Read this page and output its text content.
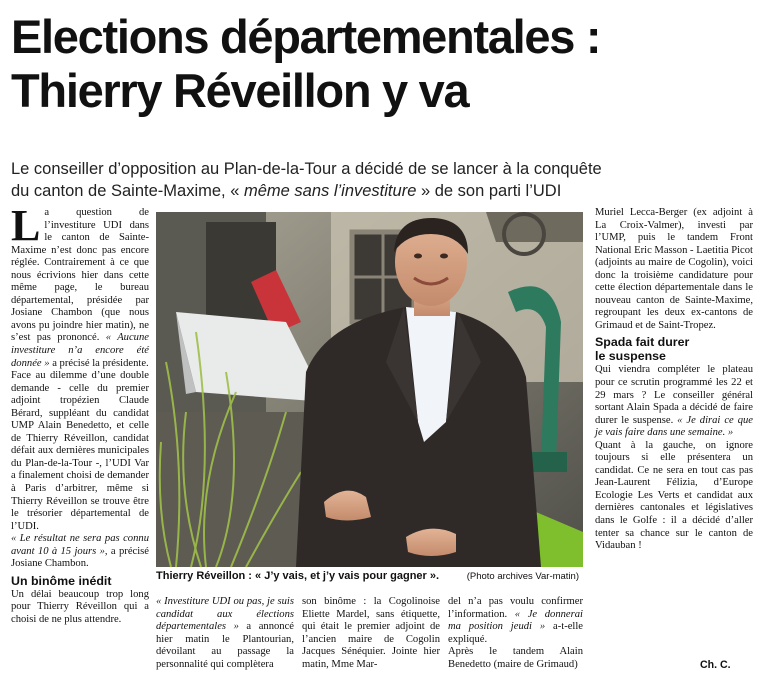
Elections départementales :
Thierry Réveillon y va
Le conseiller d’opposition au Plan-de-la-Tour a décidé de se lancer à la conquête
du canton de Sainte-Maxime, « même sans l’investiture » de son parti l’UDI

La question de l’investiture UDI dans le canton de Sainte-Maxime n’est donc pas encore réglée. Contrairement à ce que nous écrivions hier dans cette même page, le bureau départemental, présidée par Josiane Chambon (que nous avons pu joindre hier matin), ne s’est pas prononcé. « Aucune investiture n’a encore été donnée » a précisé la présidente.

Face au dilemme d’une double demande - celle du premier adjoint tropézien Claude Bérard, suppléant du candidat UMP Alain Benedetto, et celle de Thierry Réveillon, candidat défait aux dernières municipales du Plan-de-la-Tour -, l’UDI Var a finalement choisi de demander à Paris d’arbitrer, même si Thierry Réveillon se trouve être le trésorier départemental de l’UDI.

« Le résultat ne sera pas connu avant 10 à 15 jours », a précisé Josiane Chambon.

Un binôme inédit

Un délai beaucoup trop long pour Thierry Réveillon qui a choisi de ne plus attendre.

Thierry Réveillon : « J’y vais, et j’y vais pour gagner ».	(Photo archives Var-matin)

« Investiture UDI ou pas, je suis candidat aux élections départementales » a annoncé hier matin le Plantourian, dévoilant au passage la personnalité qui complètera

son binôme : la Cogolinoise Eliette Mardel, sans étiquette, qui était le premier adjoint de l’ancien maire de Cogolin Jacques Sénéquier. Jointe hier matin, Mme Mar-

del n’a pas voulu confirmer l’information. « Je donnerai ma position jeudi » a-t-elle expliqué.

Après le tandem Alain Benedetto (maire de Grimaud)

Muriel Lecca-Berger (ex adjoint à La Croix-Valmer), investi par l’UMP, puis le tandem Front National Eric Masson - Laetitia Picot (adjoints au maire de Cogolin), voici donc la troisième candidature pour cette élection départementale dans le nouveau canton de Sainte-Maxime, regroupant les deux ex-cantons de Grimaud et de Saint-Tropez.

Spada fait durer
le suspense

Qui viendra compléter le plateau pour ce scrutin programmé les 22 et 29 mars ? Le conseiller général sortant Alain Spada a décidé de faire durer le suspense. « Je dirai ce que je vais faire dans une semaine. »

Quant à la gauche, on ignore toujours si elle présentera un candidat. Ce ne sera en tout cas pas Jean-Laurent Félizia, d’Europe Ecologie Les Verts et candidat aux dernières cantonales et législatives dans le Golfe : il a décidé d’aller tenter sa chance sur le canton de Vidauban !

Ch. C.
